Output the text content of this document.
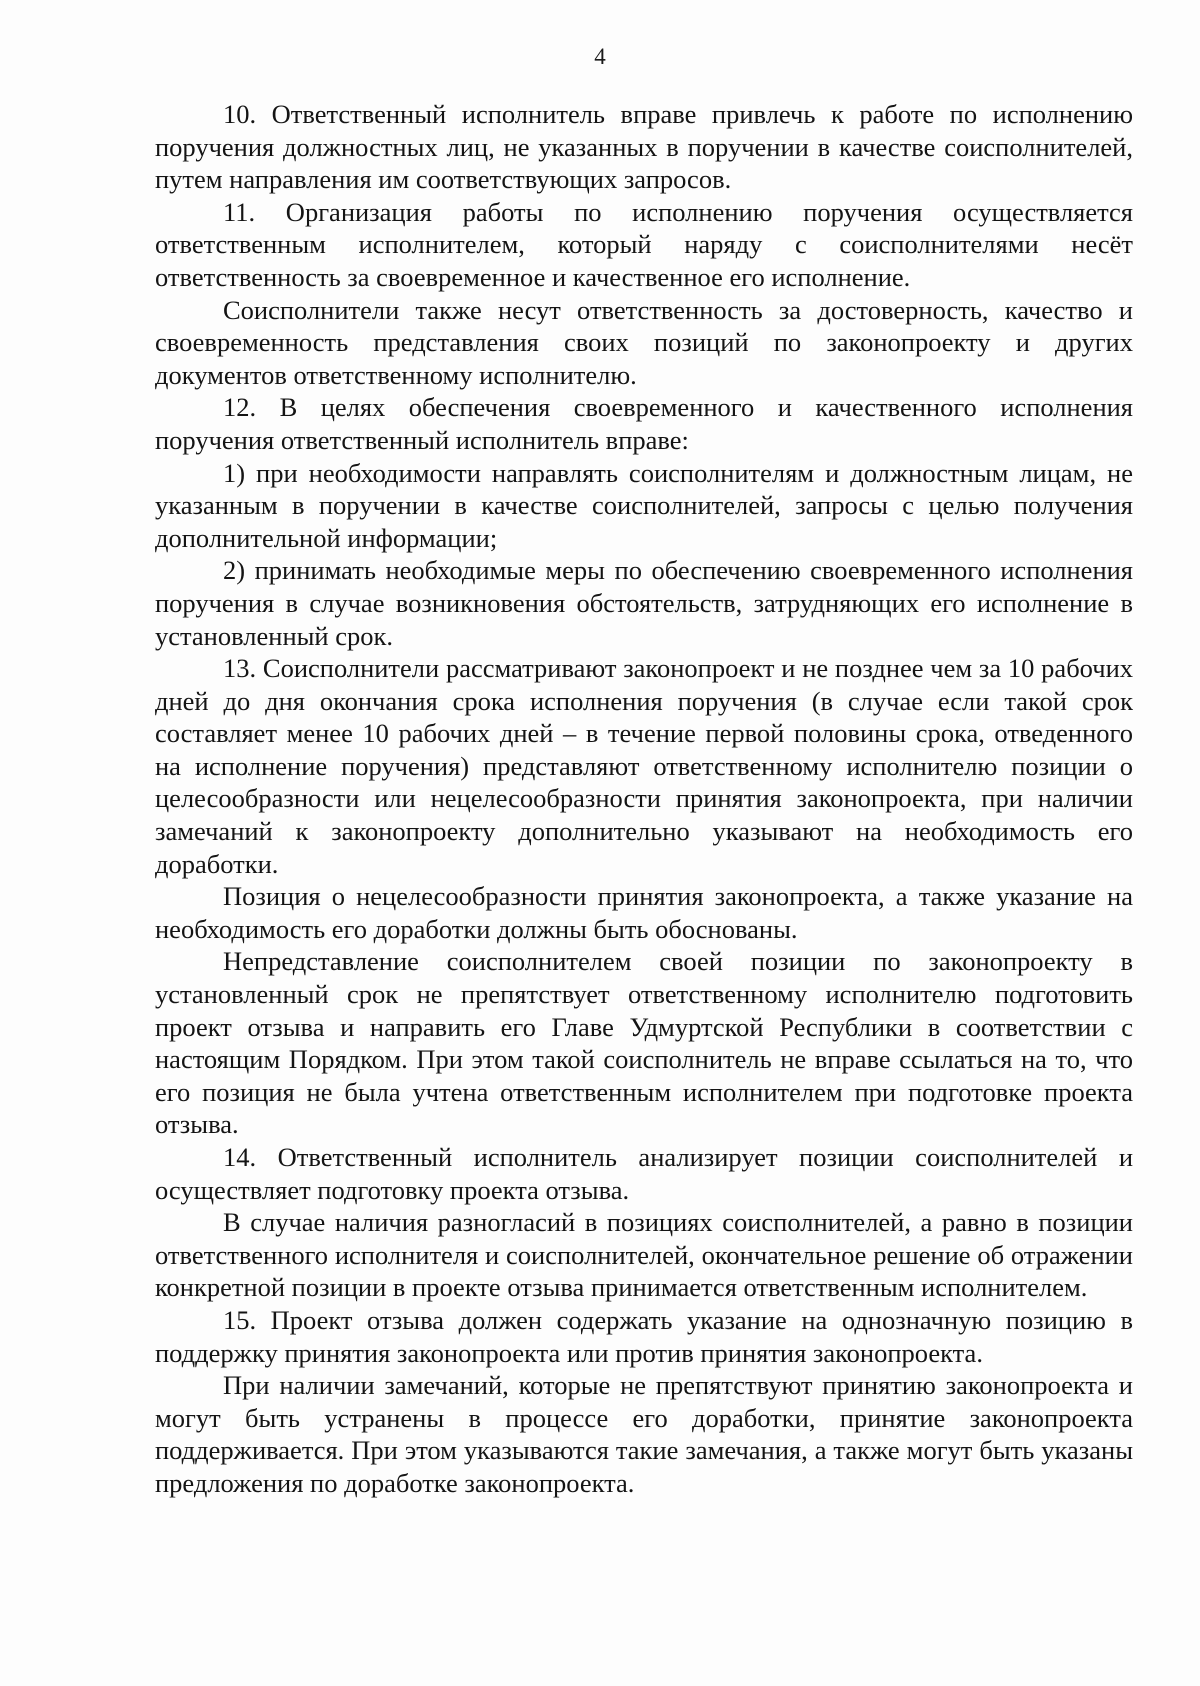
4

10. Ответственный исполнитель вправе привлечь к работе по исполнению поручения должностных лиц, не указанных в поручении в качестве соисполнителей, путем направления им соответствующих запросов.

11. Организация работы по исполнению поручения осуществляется ответственным исполнителем, который наряду с соисполнителями несёт ответственность за своевременное и качественное его исполнение.

Соисполнители также несут ответственность за достоверность, качество и своевременность представления своих позиций по законопроекту и других документов ответственному исполнителю.

12. В целях обеспечения своевременного и качественного исполнения поручения ответственный исполнитель вправе:

1) при необходимости направлять соисполнителям и должностным лицам, не указанным в поручении в качестве соисполнителей, запросы с целью получения дополнительной информации;

2) принимать необходимые меры по обеспечению своевременного исполнения поручения в случае возникновения обстоятельств, затрудняющих его исполнение в установленный срок.

13. Соисполнители рассматривают законопроект и не позднее чем за 10 рабочих дней до дня окончания срока исполнения поручения (в случае если такой срок составляет менее 10 рабочих дней – в течение первой половины срока, отведенного на исполнение поручения) представляют ответственному исполнителю позиции о целесообразности или нецелесообразности принятия законопроекта, при наличии замечаний к законопроекту дополнительно указывают на необходимость его доработки.

Позиция о нецелесообразности принятия законопроекта, а также указание на необходимость его доработки должны быть обоснованы.

Непредставление соисполнителем своей позиции по законопроекту в установленный срок не препятствует ответственному исполнителю подготовить проект отзыва и направить его Главе Удмуртской Республики в соответствии с настоящим Порядком. При этом такой соисполнитель не вправе ссылаться на то, что его позиция не была учтена ответственным исполнителем при подготовке проекта отзыва.

14. Ответственный исполнитель анализирует позиции соисполнителей и осуществляет подготовку проекта отзыва.

В случае наличия разногласий в позициях соисполнителей, а равно в позиции ответственного исполнителя и соисполнителей, окончательное решение об отражении конкретной позиции в проекте отзыва принимается ответственным исполнителем.

15. Проект отзыва должен содержать указание на однозначную позицию в поддержку принятия законопроекта или против принятия законопроекта.

При наличии замечаний, которые не препятствуют принятию законопроекта и могут быть устранены в процессе его доработки, принятие законопроекта поддерживается. При этом указываются такие замечания, а также могут быть указаны предложения по доработке законопроекта.
